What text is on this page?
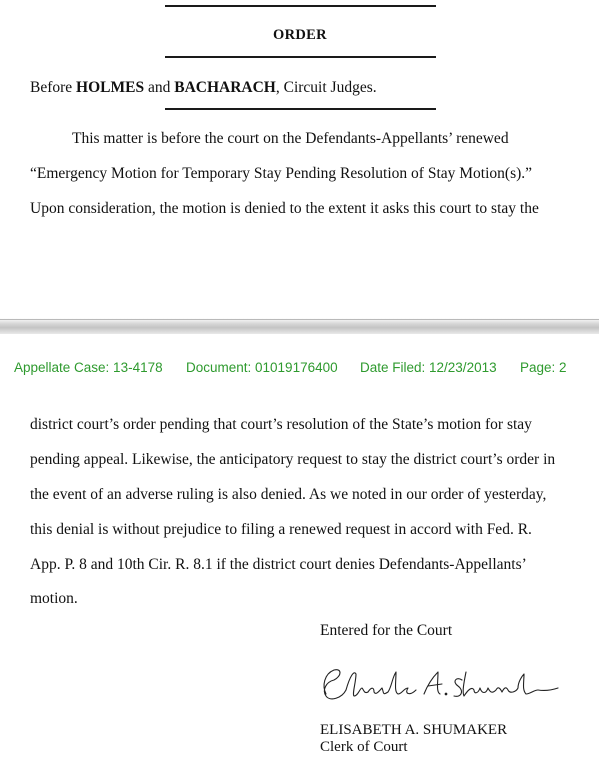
ORDER
Before HOLMES and BACHARACH, Circuit Judges.
This matter is before the court on the Defendants-Appellants’ renewed
“Emergency Motion for Temporary Stay Pending Resolution of Stay Motion(s).”
Upon consideration, the motion is denied to the extent it asks this court to stay the
Appellate Case: 13-4178 Document: 01019176400 Date Filed: 12/23/2013 Page: 2
district court’s order pending that court’s resolution of the State’s motion for stay
pending appeal. Likewise, the anticipatory request to stay the district court’s order in
the event of an adverse ruling is also denied. As we noted in our order of yesterday,
this denial is without prejudice to filing a renewed request in accord with Fed. R.
App. P. 8 and 10th Cir. R. 8.1 if the district court denies Defendants-Appellants’
motion.
Entered for the Court
ELISABETH A. SHUMAKER
Clerk of Court
